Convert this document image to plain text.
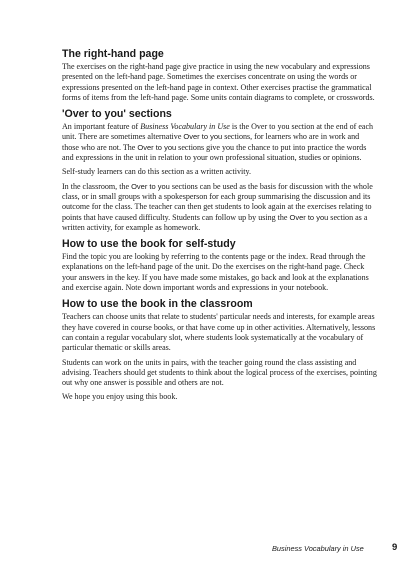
The right-hand page

The exercises on the right-hand page give practice in using the new vocabulary and expressions presented on the left-hand page. Sometimes the exercises concentrate on using the words or expressions presented on the left-hand page in context. Other exercises practise the grammatical forms of items from the left-hand page. Some units contain diagrams to complete, or crosswords.

'Over to you' sections

An important feature of Business Vocabulary in Use is the Over to you section at the end of each unit. There are sometimes alternative Over to you sections, for learners who are in work and those who are not. The Over to you sections give you the chance to put into practice the words and expressions in the unit in relation to your own professional situation, studies or opinions.

Self-study learners can do this section as a written activity.

In the classroom, the Over to you sections can be used as the basis for discussion with the whole class, or in small groups with a spokesperson for each group summarising the discussion and its outcome for the class. The teacher can then get students to look again at the exercises relating to points that have caused difficulty. Students can follow up by using the Over to you section as a written activity, for example as homework.

How to use the book for self-study

Find the topic you are looking by referring to the contents page or the index. Read through the explanations on the left-hand page of the unit. Do the exercises on the right-hand page. Check your answers in the key. If you have made some mistakes, go back and look at the explanations and exercise again. Note down important words and expressions in your notebook.

How to use the book in the classroom

Teachers can choose units that relate to students' particular needs and interests, for example areas they have covered in course books, or that have come up in other activities. Alternatively, lessons can contain a regular vocabulary slot, where students look systematically at the vocabulary of particular thematic or skills areas.

Students can work on the units in pairs, with the teacher going round the class assisting and advising. Teachers should get students to think about the logical process of the exercises, pointing out why one answer is possible and others are not.

We hope you enjoy using this book.

Business Vocabulary in Use	9
